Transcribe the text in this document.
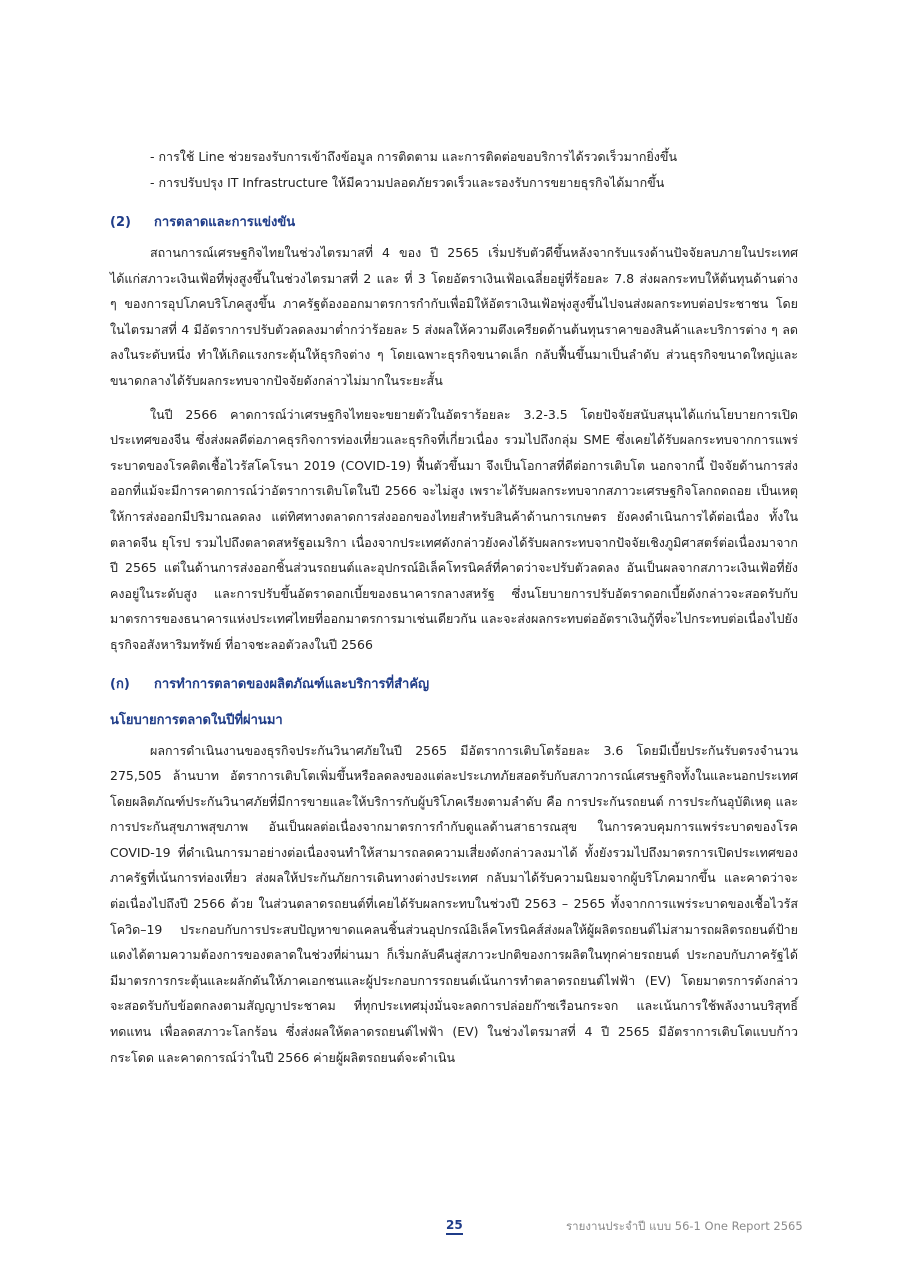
- การใช้ Line ช่วยรองรับการเข้าถึงข้อมูล การติดตาม และการติดต่อขอบริการได้รวดเร็วมากยิ่งขึ้น
- การปรับปรุง IT Infrastructure ให้มีความปลอดภัยรวดเร็วและรองรับการขยายธุรกิจได้มากขึ้น
(2)	การตลาดและการแข่งขัน

สถานการณ์เศรษฐกิจไทยในช่วงไตรมาสที่ 4 ของ ปี 2565 เริ่มปรับตัวดีขึ้นหลังจากรับแรงด้านปัจจัยลบภายในประเทศ ได้แก่สภาวะเงินเฟ้อที่พุ่งสูงขึ้นในช่วงไตรมาสที่ 2 และ ที่ 3 โดยอัตราเงินเฟ้อเฉลี่ยอยู่ที่ร้อยละ 7.8 ส่งผลกระทบให้ต้นทุนด้านต่าง ๆ ของการอุปโภคบริโภคสูงขึ้น ภาครัฐต้องออกมาตรการกำกับเพื่อมิให้อัตราเงินเฟ้อพุ่งสูงขึ้นไปจนส่งผลกระทบต่อประชาชน โดยในไตรมาสที่ 4 มีอัตราการปรับตัวลดลงมาต่ำกว่าร้อยละ 5 ส่งผลให้ความตึงเครียดด้านต้นทุนราคาของสินค้าและบริการต่าง ๆ ลดลงในระดับหนึ่ง ทำให้เกิดแรงกระตุ้นให้ธุรกิจต่าง ๆ โดยเฉพาะธุรกิจขนาดเล็ก กลับฟื้นขึ้นมาเป็นลำดับ ส่วนธุรกิจขนาดใหญ่และขนาดกลางได้รับผลกระทบจากปัจจัยดังกล่าวไม่มากในระยะสั้น

ในปี 2566 คาดการณ์ว่าเศรษฐกิจไทยจะขยายตัวในอัตราร้อยละ 3.2-3.5 โดยปัจจัยสนับสนุนได้แก่นโยบายการเปิดประเทศของจีน ซึ่งส่งผลดีต่อภาคธุรกิจการท่องเที่ยวและธุรกิจที่เกี่ยวเนื่อง รวมไปถึงกลุ่ม SME ซึ่งเคยได้รับผลกระทบจากการแพร่ระบาดของโรคติดเชื้อไวรัสโคโรนา 2019 (COVID-19) ฟื้นตัวขึ้นมา จึงเป็นโอกาสที่ดีต่อการเติบโต นอกจากนี้ ปัจจัยด้านการส่งออกที่แม้จะมีการคาดการณ์ว่าอัตราการเติบโตในปี 2566 จะไม่สูง เพราะได้รับผลกระทบจากสภาวะเศรษฐกิจโลกถดถอย เป็นเหตุให้การส่งออกมีปริมาณลดลง แต่ทิศทางตลาดการส่งออกของไทยสำหรับสินค้าด้านการเกษตร ยังคงดำเนินการได้ต่อเนื่อง ทั้งในตลาดจีน ยุโรป รวมไปถึงตลาดสหรัฐอเมริกา เนื่องจากประเทศดังกล่าวยังคงได้รับผลกระทบจากปัจจัยเชิงภูมิศาสตร์ต่อเนื่องมาจากปี 2565 แต่ในด้านการส่งออกชิ้นส่วนรถยนต์และอุปกรณ์อิเล็คโทรนิคส์ที่คาดว่าจะปรับตัวลดลง อันเป็นผลจากสภาวะเงินเฟ้อที่ยังคงอยู่ในระดับสูง และการปรับขึ้นอัตราดอกเบี้ยของธนาคารกลางสหรัฐ ซึ่งนโยบายการปรับอัตราดอกเบี้ยดังกล่าวจะสอดรับกับมาตรการของธนาคารแห่งประเทศไทยที่ออกมาตรการมาเช่นเดียวกัน และจะส่งผลกระทบต่ออัตราเงินกู้ที่จะไปกระทบต่อเนื่องไปยังธุรกิจอสังหาริมทรัพย์ ที่อาจชะลอตัวลงในปี 2566

(ก)	การทำการตลาดของผลิตภัณฑ์และบริการที่สำคัญ
นโยบายการตลาดในปีที่ผ่านมา

ผลการดำเนินงานของธุรกิจประกันวินาศภัยในปี 2565 มีอัตราการเติบโตร้อยละ 3.6 โดยมีเบี้ยประกันรับตรงจำนวน 275,505 ล้านบาท อัตราการเติบโตเพิ่มขึ้นหรือลดลงของแต่ละประเภทภัยสอดรับกับสภาวการณ์เศรษฐกิจทั้งในและนอกประเทศ โดยผลิตภัณฑ์ประกันวินาศภัยที่มีการขายและให้บริการกับผู้บริโภคเรียงตามลำดับ คือ การประกันรถยนต์ การประกันอุบัติเหตุ และการประกันสุขภาพสุขภาพ อันเป็นผลต่อเนื่องจากมาตรการกำกับดูแลด้านสาธารณสุข ในการควบคุมการแพร่ระบาดของโรค COVID-19 ที่ดำเนินการมาอย่างต่อเนื่องจนทำให้สามารถลดความเสี่ยงดังกล่าวลงมาได้ ทั้งยังรวมไปถึงมาตรการเปิดประเทศของภาครัฐที่เน้นการท่องเที่ยว ส่งผลให้ประกันภัยการเดินทางต่างประเทศ กลับมาได้รับความนิยมจากผู้บริโภคมากขึ้น และคาดว่าจะต่อเนื่องไปถึงปี 2566 ด้วย ในส่วนตลาดรถยนต์ที่เคยได้รับผลกระทบในช่วงปี 2563 – 2565 ทั้งจากการแพร่ระบาดของเชื้อไวรัสโควิด–19 ประกอบกับการประสบปัญหาขาดแคลนชิ้นส่วนอุปกรณ์อิเล็คโทรนิคส์ส่งผลให้ผู้ผลิตรถยนต์ไม่สามารถผลิตรถยนต์ป้ายแดงได้ตามความต้องการของตลาดในช่วงที่ผ่านมา ก็เริ่มกลับคืนสู่สภาวะปกติของการผลิตในทุกค่ายรถยนต์ ประกอบกับภาครัฐได้มีมาตรการกระตุ้นและผลักดันให้ภาคเอกชนและผู้ประกอบการรถยนต์เน้นการทำตลาดรถยนต์ไฟฟ้า (EV) โดยมาตรการดังกล่าวจะสอดรับกับข้อตกลงตามสัญญาประชาคม ที่ทุกประเทศมุ่งมั่นจะลดการปล่อยก๊าซเรือนกระจก และเน้นการใช้พลังงานบริสุทธิ์ทดแทน เพื่อลดสภาวะโลกร้อน ซึ่งส่งผลให้ตลาดรถยนต์ไฟฟ้า (EV) ในช่วงไตรมาสที่ 4 ปี 2565 มีอัตราการเติบโตแบบก้าวกระโดด และคาดการณ์ว่าในปี 2566 ค่ายผู้ผลิตรถยนต์จะดำเนิน

25	รายงานประจำปี แบบ 56-1 One Report 2565
